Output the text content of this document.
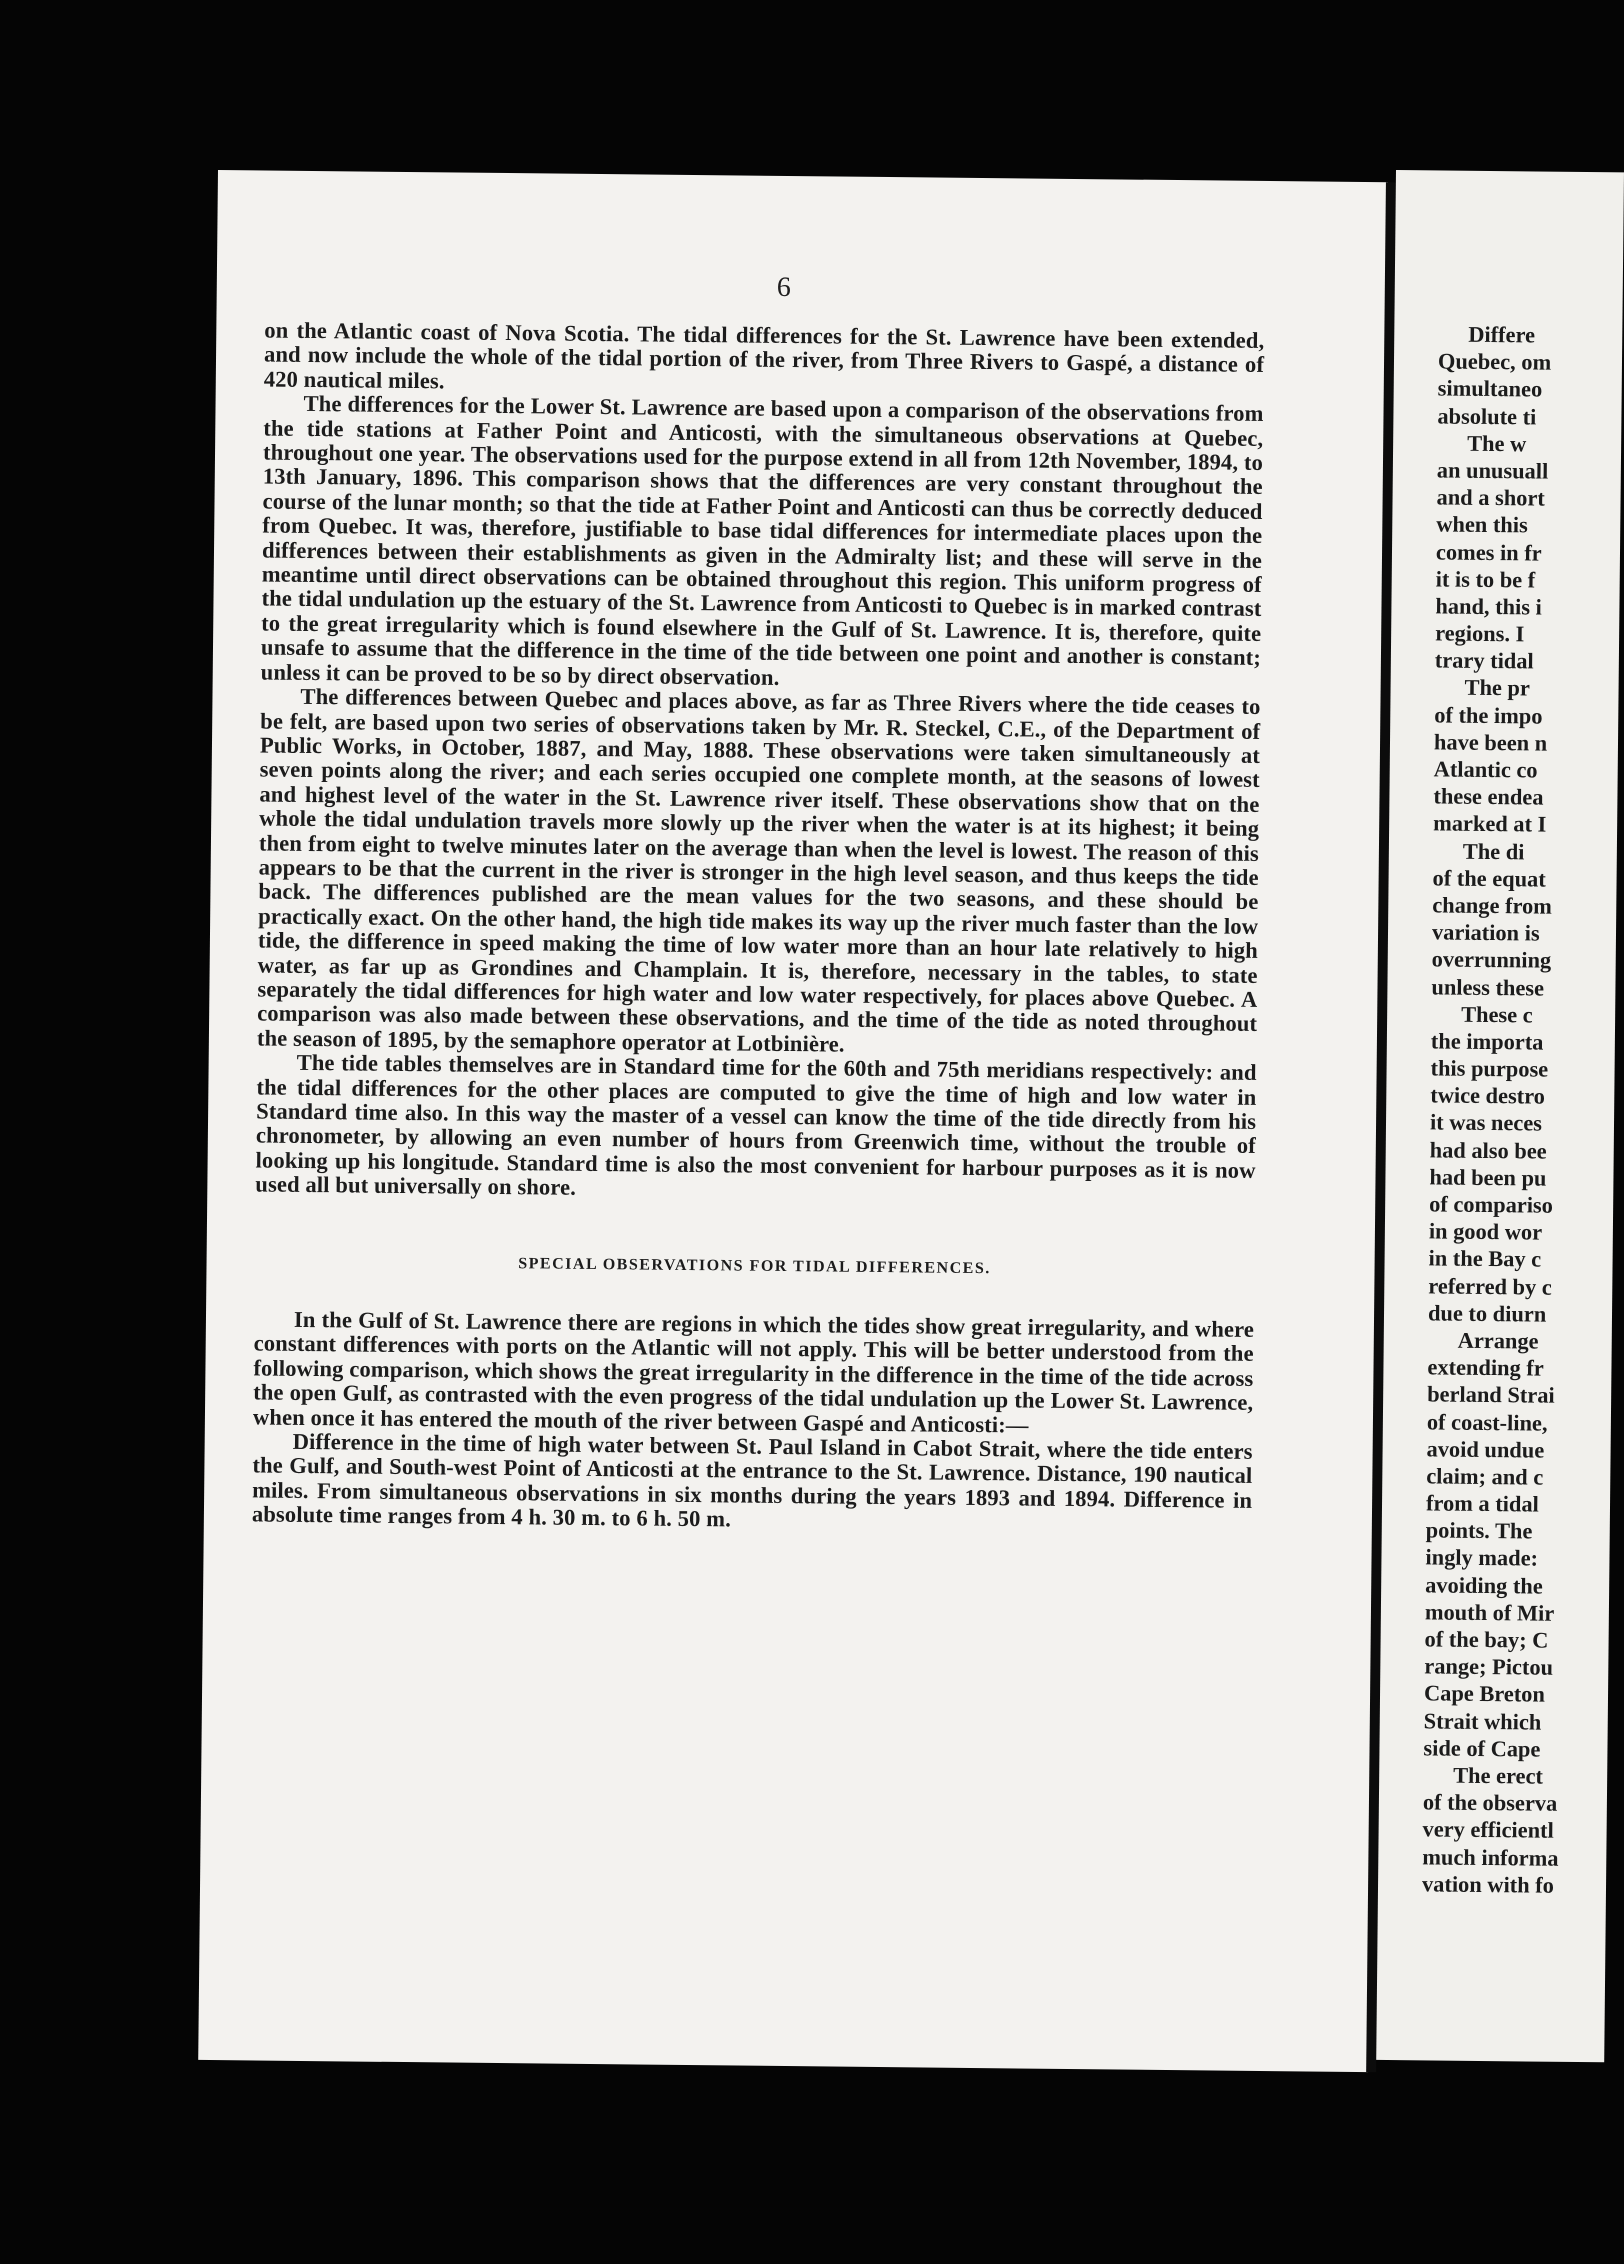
6

on the Atlantic coast of Nova Scotia. The tidal differences for the St. Lawrence have been extended, and now include the whole of the tidal portion of the river, from Three Rivers to Gaspé, a distance of 420 nautical miles.

The differences for the Lower St. Lawrence are based upon a comparison of the observations from the tide stations at Father Point and Anticosti, with the simultaneous observations at Quebec, throughout one year. The observations used for the purpose extend in all from 12th November, 1894, to 13th January, 1896. This comparison shows that the differences are very constant throughout the course of the lunar month; so that the tide at Father Point and Anticosti can thus be correctly deduced from Quebec. It was, therefore, justifiable to base tidal differences for intermediate places upon the differences between their establishments as given in the Admiralty list; and these will serve in the meantime until direct observations can be obtained throughout this region. This uniform progress of the tidal undulation up the estuary of the St. Lawrence from Anticosti to Quebec is in marked contrast to the great irregularity which is found elsewhere in the Gulf of St. Lawrence. It is, therefore, quite unsafe to assume that the difference in the time of the tide between one point and another is constant; unless it can be proved to be so by direct observation.

The differences between Quebec and places above, as far as Three Rivers where the tide ceases to be felt, are based upon two series of observations taken by Mr. R. Steckel, C.E., of the Department of Public Works, in October, 1887, and May, 1888. These observations were taken simultaneously at seven points along the river; and each series occupied one complete month, at the seasons of lowest and highest level of the water in the St. Lawrence river itself. These observations show that on the whole the tidal undulation travels more slowly up the river when the water is at its highest; it being then from eight to twelve minutes later on the average than when the level is lowest. The reason of this appears to be that the current in the river is stronger in the high level season, and thus keeps the tide back. The differences published are the mean values for the two seasons, and these should be practically exact. On the other hand, the high tide makes its way up the river much faster than the low tide, the difference in speed making the time of low water more than an hour late relatively to high water, as far up as Grondines and Champlain. It is, therefore, necessary in the tables, to state separately the tidal differences for high water and low water respectively, for places above Quebec. A comparison was also made between these observations, and the time of the tide as noted throughout the season of 1895, by the semaphore operator at Lotbinière.

The tide tables themselves are in Standard time for the 60th and 75th meridians respectively: and the tidal differences for the other places are computed to give the time of high and low water in Standard time also. In this way the master of a vessel can know the time of the tide directly from his chronometer, by allowing an even number of hours from Greenwich time, without the trouble of looking up his longitude. Standard time is also the most convenient for harbour purposes as it is now used all but universally on shore.

SPECIAL OBSERVATIONS FOR TIDAL DIFFERENCES.

In the Gulf of St. Lawrence there are regions in which the tides show great irregularity, and where constant differences with ports on the Atlantic will not apply. This will be better understood from the following comparison, which shows the great irregularity in the difference in the time of the tide across the open Gulf, as contrasted with the even progress of the tidal undulation up the Lower St. Lawrence, when once it has entered the mouth of the river between Gaspé and Anticosti:—

Difference in the time of high water between St. Paul Island in Cabot Strait, where the tide enters the Gulf, and South-west Point of Anticosti at the entrance to the St. Lawrence. Distance, 190 nautical miles. From simultaneous observations in six months during the years 1893 and 1894. Difference in absolute time ranges from 4 h. 30 m. to 6 h. 50 m.

Differe
Quebec, om
simultaneo
absolute ti
The w
an unusuall
and a short
when this
comes in fr
it is to be f
hand, this i
regions. I
trary tidal
The pr
of the impo
have been n
Atlantic co
these endea
marked at I
The di
of the equat
change from
variation is
overrunning
unless these
These c
the importa
this purpose
twice destro
it was neces
had also bee
had been pu
of compariso
in good wor
in the Bay c
referred by c
due to diurn
Arrange
extending fr
berland Strai
of coast-line,
avoid undue
claim; and c
from a tidal
points. The
ingly made:
avoiding the
mouth of Mir
of the bay; C
range; Pictou
Cape Breton
Strait which
side of Cape
The erect
of the observa
very efficientl
much informa
vation with fo
